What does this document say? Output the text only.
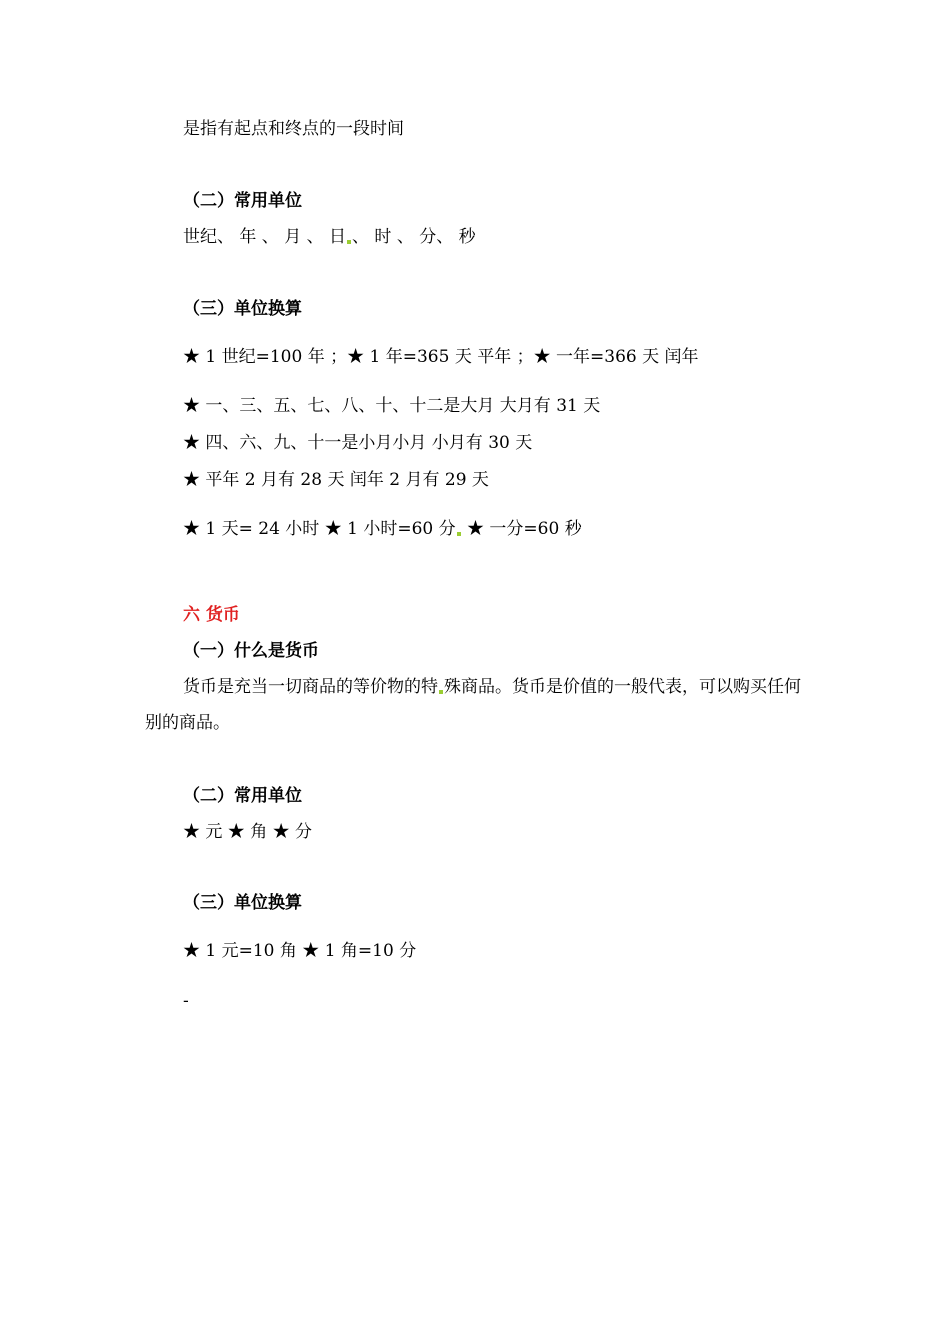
是指有起点和终点的一段时间

（二）常用单位

世纪、 年 、 月 、 日 、 时 、 分、 秒

（三）单位换算

★ 1 世纪=100 年 ；★ 1 年=365 天 平年 ；★ 一年=366 天 闰年

★ 一、三、五、七、八、十、十二是大月 大月有 31 天

★ 四、六、九、十一是小月小月 小月有 30 天

★ 平年 2 月有 28 天 闰年 2 月有 29 天

★ 1 天= 24 小时 ★ 1 小时=60 分 ★ 一分=60 秒

六 货币

（一）什么是货币

货币是充当一切商品的等价物的特 殊商品。货币是价值的一般代表，可以购买任何别的商品。

（二）常用单位

★ 元 ★ 角 ★ 分

（三）单位换算

★ 1 元=10 角 ★ 1 角=10 分

-
